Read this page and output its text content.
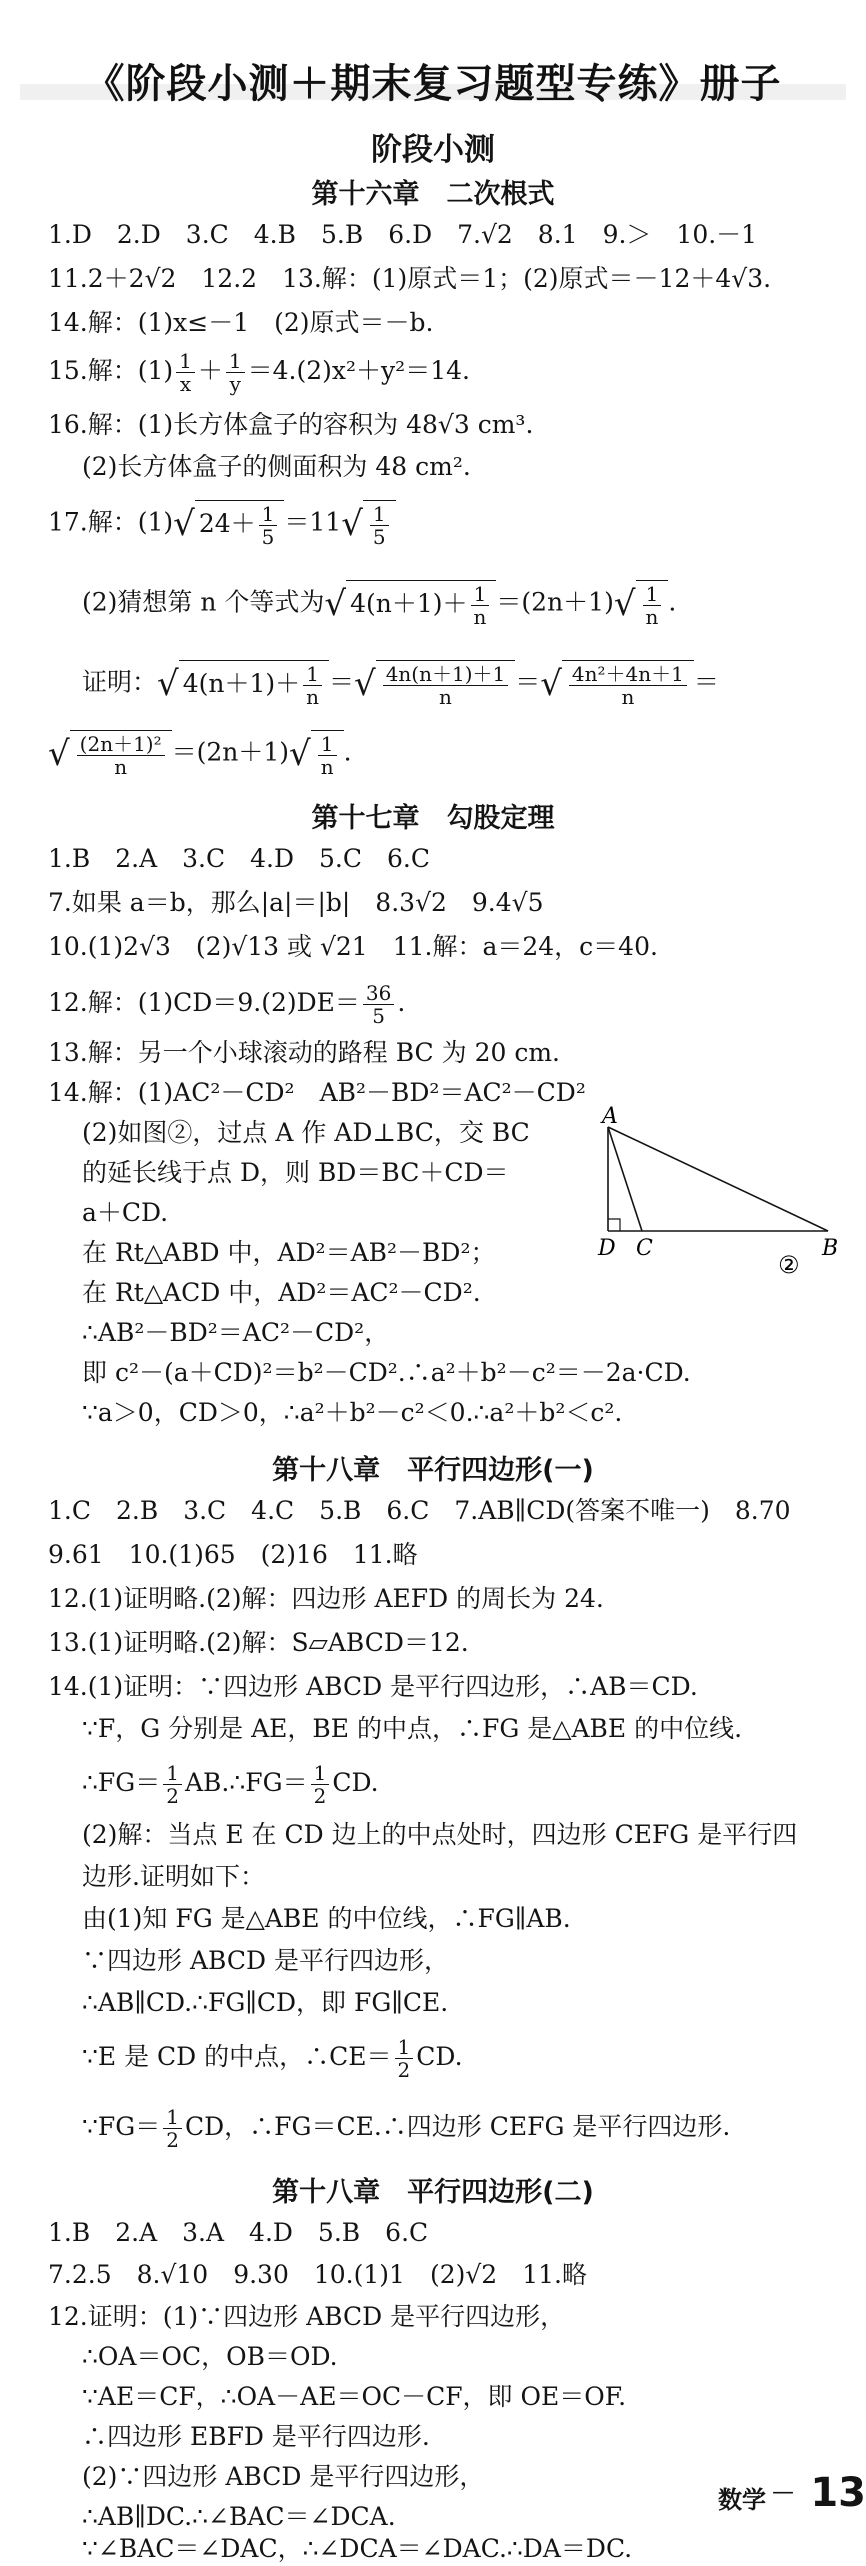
《阶段小测＋期末复习题型专练》册子
阶段小测
第十六章　二次根式
1.D　2.D　3.C　4.B　5.B　6.D　7.√2　8.1　9.＞　10.－1
11.2＋2√2　12.2　13.解：(1)原式＝1；(2)原式＝－12＋4√3.
14.解：(1)x≤－1　(2)原式＝－b.
15.解：$(1) \frac{1}{x} + \frac{1}{y} =4.(2)x^2+y^2=14$.
16.解：(1)长方体盒子的容积为 48√3 cm³.
(2)长方体盒子的侧面积为 48 cm².
17.解：(1)√ $24+ \frac{1}{5} =11√ \frac{1}{5}$
(2)猜想第 n 个等式为√ $4(n+1)+ \frac{1}{n} =(2n+1)√ \frac{1}{n}$ .
证明：√ $4(n+1)+ \frac{1}{n}$ ＝√ $\frac{4n(n+1)+1}{n}$ ＝√ $\frac{\text{4n²＋4n＋1}}{n}$ ＝
√ $\frac{\text{(2n＋1)²}}{n} =(2n+1)√ \frac{1}{n}$ .
第十七章　勾股定理
1.B　2.A　3.C　4.D　5.C　6.C
7.如果 a＝b，那么|a|＝|b|　8.3√2　9.4√5
10.(1)2√3　(2)√13 或 √21　11.解：a＝24，c＝40.
12.解：$(1)CD=9.(2)DE= \frac{36}{5}$ .
13.解：另一个小球滚动的路程 BC 为 20 cm.
14.解：(1)AC²－CD²　AB²－BD²＝AC²－CD²
(2)如图②，过点 A 作 AD⊥BC，交 BC
的延长线于点 D，则 BD＝BC＋CD＝
a＋CD.
在 Rt△ABD 中，AD²＝AB²－BD²；
在 Rt△ACD 中，AD²＝AC²－CD².
∴AB²－BD²＝AC²－CD²，
即 c²－(a＋CD)²＝b²－CD².∴a²＋b²－c²＝－2a·CD.
∵a＞0，CD＞0，∴a²＋b²－c²＜0.∴a²＋b²＜c².
A
D C	B
②
第十八章　平行四边形(一)
1.C　2.B　3.C　4.C　5.B　6.C　7.AB∥CD(答案不唯一)　8.70
9.61　10.(1)65　(2)16　11.略
12.(1)证明略.(2)解：四边形 AEFD 的周长为 24.
13.(1)证明略.(2)解：S▱ABCD＝12.
14.(1)证明：∵四边形 ABCD 是平行四边形，∴AB＝CD.
∵F，G 分别是 AE，BE 的中点，∴FG 是△ABE 的中位线.
∴FG＝ $\frac{1}{2}$ AB.∴FG＝ $\frac{1}{2}$ CD.
(2)解：当点 E 在 CD 边上的中点处时，四边形 CEFG 是平行四
边形.证明如下：
由(1)知 FG 是△ABE 的中位线，∴FG∥AB.
∵四边形 ABCD 是平行四边形，
∴AB∥CD.∴FG∥CD，即 FG∥CE.
∵E 是 CD 的中点，∴CE＝ $\frac{1}{2}$ CD.
∵FG＝ $\frac{1}{2}$ CD，∴FG＝CE.∴四边形 CEFG 是平行四边形.
第十八章　平行四边形(二)
1.B　2.A　3.A　4.D　5.B　6.C
7.2.5　8.√10　9.30　10.(1)1　(2)√2　11.略
12.证明：(1)∵四边形 ABCD 是平行四边形，
∴OA＝OC，OB＝OD.
∵AE＝CF，∴OA－AE＝OC－CF，即 OE＝OF.
∴四边形 EBFD 是平行四边形.
(2)∵四边形 ABCD 是平行四边形，
∴AB∥DC.∴∠BAC＝∠DCA.
∵∠BAC＝∠DAC，∴∠DCA＝∠DAC.∴DA＝DC.
数学 — 13
